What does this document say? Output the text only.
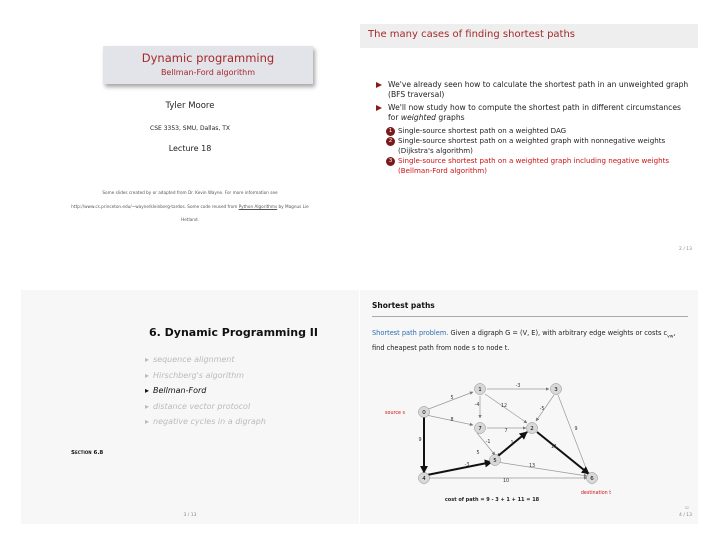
Dynamic programming
Bellman-Ford algorithm
Tyler Moore
CSE 3353, SMU, Dallas, TX
Lecture 18
Some slides created by or adapted from Dr. Kevin Wayne. For more information see
http://www.cs.princeton.edu/~wayne/kleinberg-tardos. Some code reused from Python Algorithms by Magnus Lie
Hetland.
The many cases of finding shortest paths
We've already seen how to calculate the shortest path in an unweighted graph (BFS traversal)
We'll now study how to compute the shortest path in different circumstances for weighted graphs
1 Single-source shortest path on a weighted DAG
2 Single-source shortest path on a weighted graph with nonnegative weights (Dijkstra's algorithm)
3 Single-source shortest path on a weighted graph including negative weights (Bellman-Ford algorithm)
2 / 13
6. Dynamic Programming II
▸ sequence alignment
▸ Hirschberg's algorithm
▸ Bellman-Ford
▸ distance vector protocol
▸ negative cycles in a digraph
Section 6.8
3 / 13
Shortest paths
Shortest path problem. Given a digraph G = (V, E), with arbitrary edge weights or costs $c_{vw}$, find cheapest path from node s to node t.
0
1
2
3
4
5
6
7
-3
5
-4	12
-5
8
9
7
9	-1	1
11
5
-3	13
10
source s
destination t
cost of path = 9 - 3 + 1 + 11 = 18
32
4 / 13
